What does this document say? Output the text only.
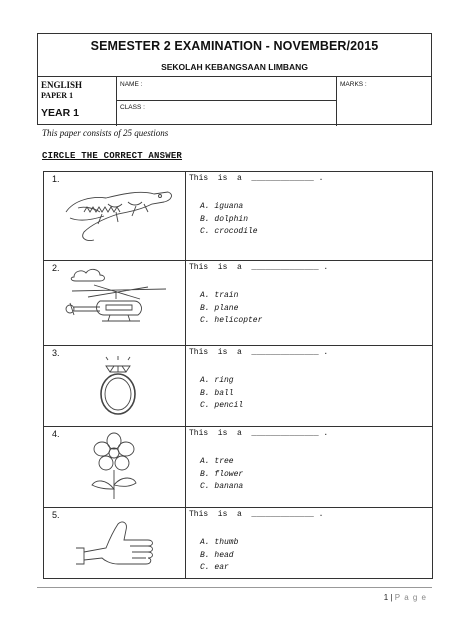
SEMESTER 2 EXAMINATION - NOVEMBER/2015
SEKOLAH KEBANGSAAN LIMBANG
ENGLISH
PAPER 1
YEAR 1
NAME :
CLASS :
MARKS :
This paper consists of 25 questions
CIRCLE THE CORRECT ANSWER
1.	This  is  a  _____________ .
A. iguana
B. dolphin
C. crocodile

2.	This  is  a  ______________ .
A. train
B. plane
C. helicopter

3.	This  is  a  ______________ .
A. ring
B. ball
C. pencil

4.	This  is  a  ______________ .
A. tree
B. flower
C. banana

5.	This  is  a  _____________ .
A. thumb
B. head
C. ear
1 | P a g e
